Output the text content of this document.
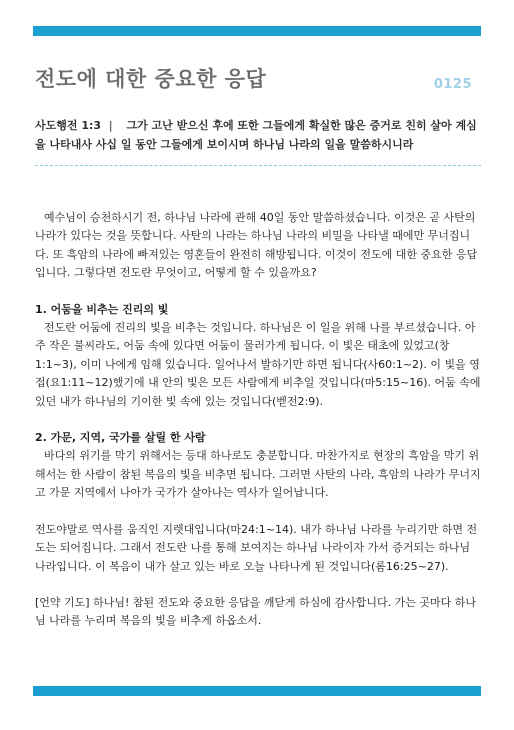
전도에 대한 중요한 응답	0125
사도행전 1:3 | 그가 고난 받으신 후에 또한 그들에게 확실한 많은 증거로 친히 살아 계심을 나타내사 사십 일 동안 그들에게 보이시며 하나님 나라의 일을 말씀하시니라

예수님이 승천하시기 전, 하나님 나라에 관해 40일 동안 말씀하셨습니다. 이것은 곧 사탄의 나라가 있다는 것을 뜻합니다. 사탄의 나라는 하나님 나라의 비밀을 나타낼 때에만 무너집니다. 또 흑암의 나라에 빠져있는 영혼들이 완전히 해방됩니다. 이것이 전도에 대한 중요한 응답입니다. 그렇다면 전도란 무엇이고, 어떻게 할 수 있을까요?

1. 어둠을 비추는 진리의 빛
전도란 어둠에 진리의 빛을 비추는 것입니다. 하나님은 이 일을 위해 나를 부르셨습니다. 아주 작은 불씨라도, 어둠 속에 있다면 어둠이 물러가게 됩니다. 이 빛은 태초에 있었고(창1:1~3), 이미 나에게 임해 있습니다. 일어나서 발하기만 하면 됩니다(사60:1~2). 이 빛을 영접(요1:11~12)했기에 내 안의 빛은 모든 사람에게 비추일 것입니다(마5:15~16). 어둠 속에 있던 내가 하나님의 기이한 빛 속에 있는 것입니다(벧전2:9).

2. 가문, 지역, 국가를 살릴 한 사람
바다의 위기를 막기 위해서는 등대 하나로도 충분합니다. 마찬가지로 현장의 흑암을 막기 위해서는 한 사람이 참된 복음의 빛을 비추면 됩니다. 그러면 사탄의 나라, 흑암의 나라가 무너지고 가문 지역에서 나아가 국가가 살아나는 역사가 일어납니다.

전도야말로 역사를 움직인 지렛대입니다(마24:1~14). 내가 하나님 나라를 누리기만 하면 전도는 되어집니다. 그래서 전도란 나를 통해 보여지는 하나님 나라이자 가서 증거되는 하나님 나라입니다. 이 복음이 내가 살고 있는 바로 오늘 나타나게 된 것입니다(롬16:25~27).

[언약 기도] 하나님! 참된 전도와 중요한 응답을 깨닫게 하심에 감사합니다. 가는 곳마다 하나님 나라를 누리며 복음의 빛을 비추게 하옵소서.
